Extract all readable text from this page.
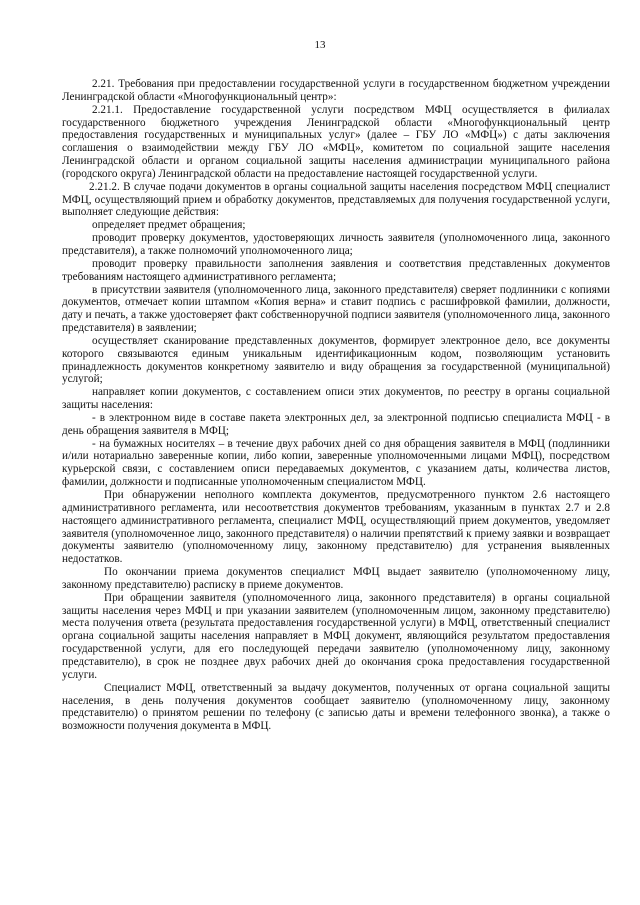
13

2.21. Требования при предоставлении государственной услуги в государственном бюджетном учреждении Ленинградской области «Многофункциональный центр»:

2.21.1. Предоставление государственной услуги посредством МФЦ осуществляется в филиалах государственного бюджетного учреждения Ленинградской области «Многофункциональный центр предоставления государственных и муниципальных услуг» (далее – ГБУ ЛО «МФЦ») с даты заключения соглашения о взаимодействии между ГБУ ЛО «МФЦ», комитетом по социальной защите населения Ленинградской области и органом социальной защиты населения администрации муниципального района (городского округа) Ленинградской области на предоставление настоящей государственной услуги.

2.21.2. В случае подачи документов в органы социальной защиты населения посредством МФЦ специалист МФЦ, осуществляющий прием и обработку документов, представляемых для получения государственной услуги, выполняет следующие действия:

определяет предмет обращения;

проводит проверку документов, удостоверяющих личность заявителя (уполномоченного лица, законного представителя), а также полномочий уполномоченного лица;

проводит проверку правильности заполнения заявления и соответствия представленных документов требованиям настоящего административного регламента;

в присутствии заявителя (уполномоченного лица, законного представителя) сверяет подлинники с копиями документов, отмечает копии штампом «Копия верна» и ставит подпись с расшифровкой фамилии, должности, дату и печать, а также удостоверяет факт собственноручной подписи заявителя (уполномоченного лица, законного представителя) в заявлении;

осуществляет сканирование представленных документов, формирует электронное дело, все документы которого связываются единым уникальным идентификационным кодом, позволяющим установить принадлежность документов конкретному заявителю и виду обращения за государственной (муниципальной) услугой;

направляет копии документов, с составлением описи этих документов, по реестру в органы социальной защиты населения:

- в электронном виде в составе пакета электронных дел, за электронной подписью специалиста МФЦ - в день обращения заявителя в МФЦ;

- на бумажных носителях – в течение двух рабочих дней со дня обращения заявителя в МФЦ (подлинники и/или нотариально заверенные копии, либо копии, заверенные уполномоченными лицами МФЦ), посредством курьерской связи, с составлением описи передаваемых документов, с указанием даты, количества листов, фамилии, должности и подписанные уполномоченным специалистом МФЦ.

При обнаружении неполного комплекта документов, предусмотренного пунктом 2.6 настоящего административного регламента, или несоответствия документов требованиям, указанным в пунктах 2.7 и 2.8 настоящего административного регламента, специалист МФЦ, осуществляющий прием документов, уведомляет заявителя (уполномоченное лицо, законного представителя) о наличии препятствий к приему заявки и возвращает документы заявителю (уполномоченному лицу, законному представителю) для устранения выявленных недостатков.

По окончании приема документов специалист МФЦ выдает заявителю (уполномоченному лицу, законному представителю) расписку в приеме документов.

При обращении заявителя (уполномоченного лица, законного представителя) в органы социальной защиты населения через МФЦ и при указании заявителем (уполномоченным лицом, законному представителю) места получения ответа (результата предоставления государственной услуги) в МФЦ, ответственный специалист органа социальной защиты населения направляет в МФЦ документ, являющийся результатом предоставления государственной услуги, для его последующей передачи заявителю (уполномоченному лицу, законному представителю), в срок не позднее двух рабочих дней до окончания срока предоставления государственной услуги.

Специалист МФЦ, ответственный за выдачу документов, полученных от органа социальной защиты населения, в день получения документов сообщает заявителю (уполномоченному лицу, законному представителю) о принятом решении по телефону (с записью даты и времени телефонного звонка), а также о возможности получения документа в МФЦ.
